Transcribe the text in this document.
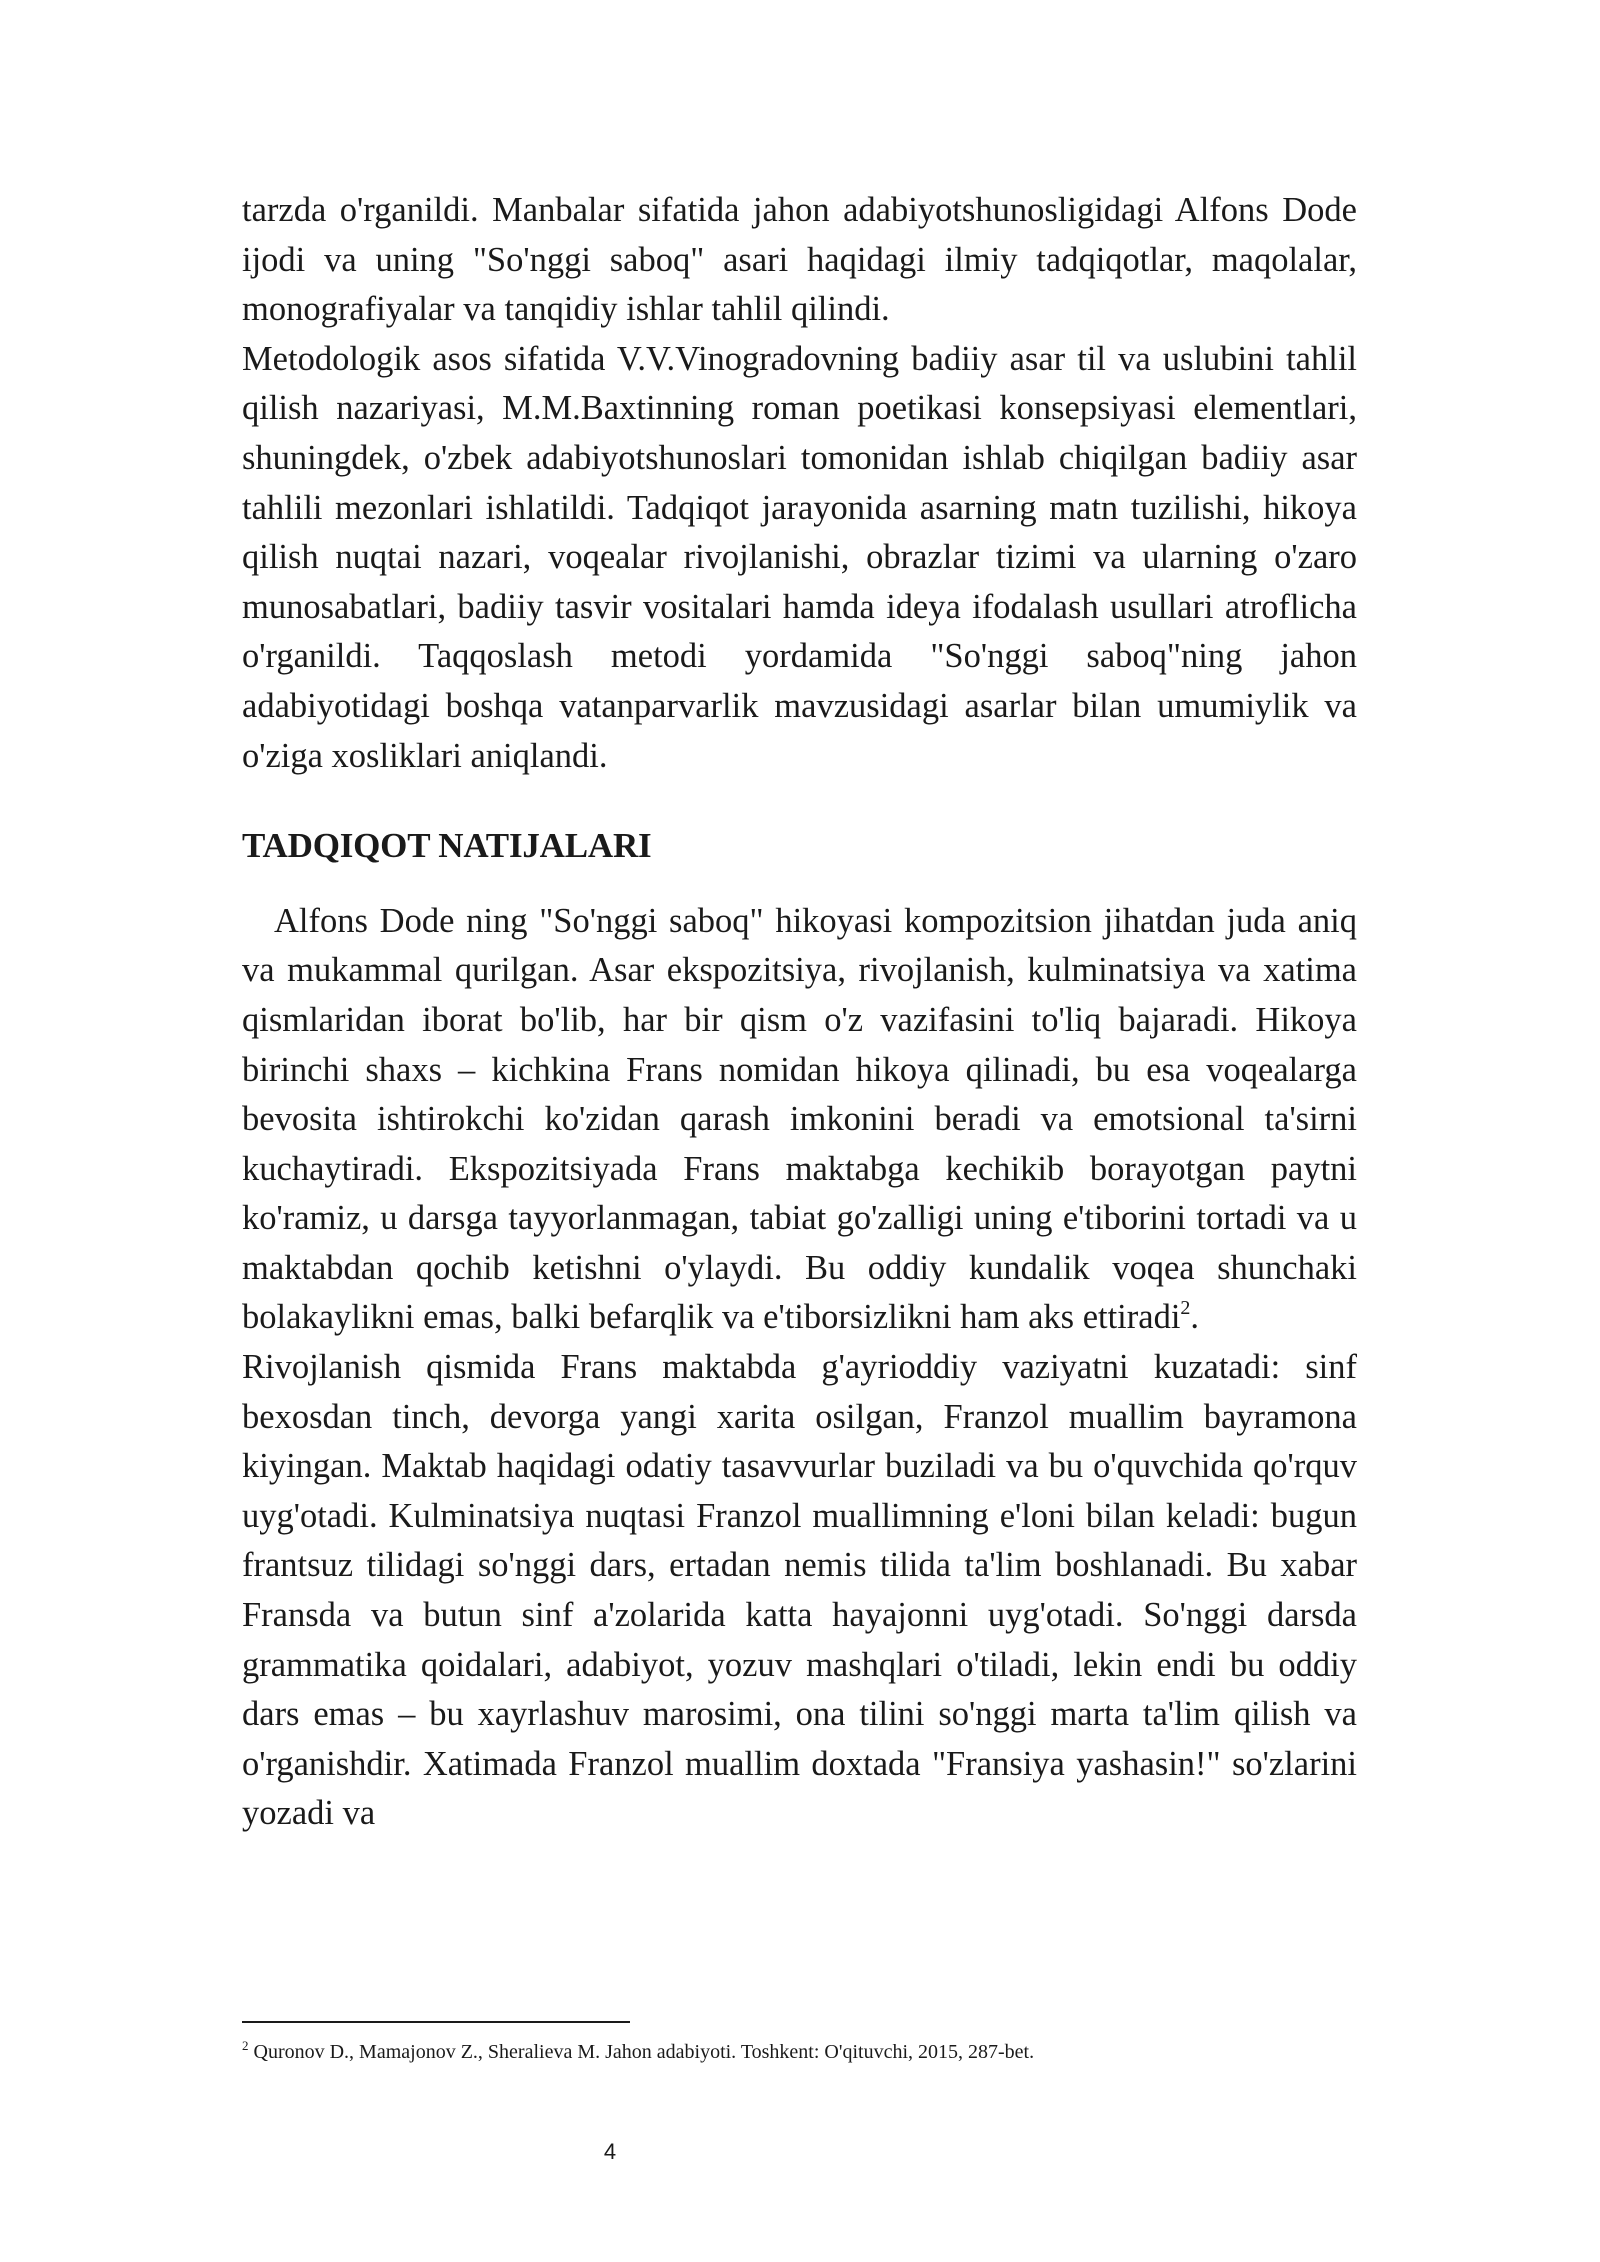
tarzda o'rganildi. Manbalar sifatida jahon adabiyotshunosligidagi Alfons Dode ijodi va uning "So'nggi saboq" asari haqidagi ilmiy tadqiqotlar, maqolalar, monografiyalar va tanqidiy ishlar tahlil qilindi.

Metodologik asos sifatida V.V.Vinogradovning badiiy asar til va uslubini tahlil qilish nazariyasi, M.M.Baxtinning roman poetikasi konsepsiyasi elementlari, shuningdek, o'zbek adabiyotshunoslari tomonidan ishlab chiqilgan badiiy asar tahlili mezonlari ishlatildi. Tadqiqot jarayonida asarning matn tuzilishi, hikoya qilish nuqtai nazari, voqealar rivojlanishi, obrazlar tizimi va ularning o'zaro munosabatlari, badiiy tasvir vositalari hamda ideya ifodalash usullari atroflicha o'rganildi. Taqqoslash metodi yordamida "So'nggi saboq"ning jahon adabiyotidagi boshqa vatanparvarlik mavzusidagi asarlar bilan umumiylik va o'ziga xosliklari aniqlandi.

TADQIQOT NATIJALARI

Alfons Dode ning "So'nggi saboq" hikoyasi kompozitsion jihatdan juda aniq va mukammal qurilgan. Asar ekspozitsiya, rivojlanish, kulminatsiya va xatima qismlaridan iborat bo'lib, har bir qism o'z vazifasini to'liq bajaradi. Hikoya birinchi shaxs – kichkina Frans nomidan hikoya qilinadi, bu esa voqealarga bevosita ishtirokchi ko'zidan qarash imkonini beradi va emotsional ta'sirni kuchaytiradi. Ekspozitsiyada Frans maktabga kechikib borayotgan paytni ko'ramiz, u darsga tayyorlanmagan, tabiat go'zalligi uning e'tiborini tortadi va u maktabdan qochib ketishni o'ylaydi. Bu oddiy kundalik voqea shunchaki bolakaylikni emas, balki befarqlik va e'tiborsizlikni ham aks ettiradi$^2$.

Rivojlanish qismida Frans maktabda g'ayrioddiy vaziyatni kuzatadi: sinf bexosdan tinch, devorga yangi xarita osilgan, Franzol muallim bayramona kiyingan. Maktab haqidagi odatiy tasavvurlar buziladi va bu o'quvchida qo'rquv uyg'otadi. Kulminatsiya nuqtasi Franzol muallimning e'loni bilan keladi: bugun frantsuz tilidagi so'nggi dars, ertadan nemis tilida ta'lim boshlanadi. Bu xabar Fransda va butun sinf a'zolarida katta hayajonni uyg'otadi. So'nggi darsda grammatika qoidalari, adabiyot, yozuv mashqlari o'tiladi, lekin endi bu oddiy dars emas – bu xayrlashuv marosimi, ona tilini so'nggi marta ta'lim qilish va o'rganishdir. Xatimada Franzol muallim doxtada "Fransiya yashasin!" so'zlarini yozadi va

$^2$ Quronov D., Mamajonov Z., Sheralieva M. Jahon adabiyoti. Toshkent: O'qituvchi, 2015, 287-bet.
4
